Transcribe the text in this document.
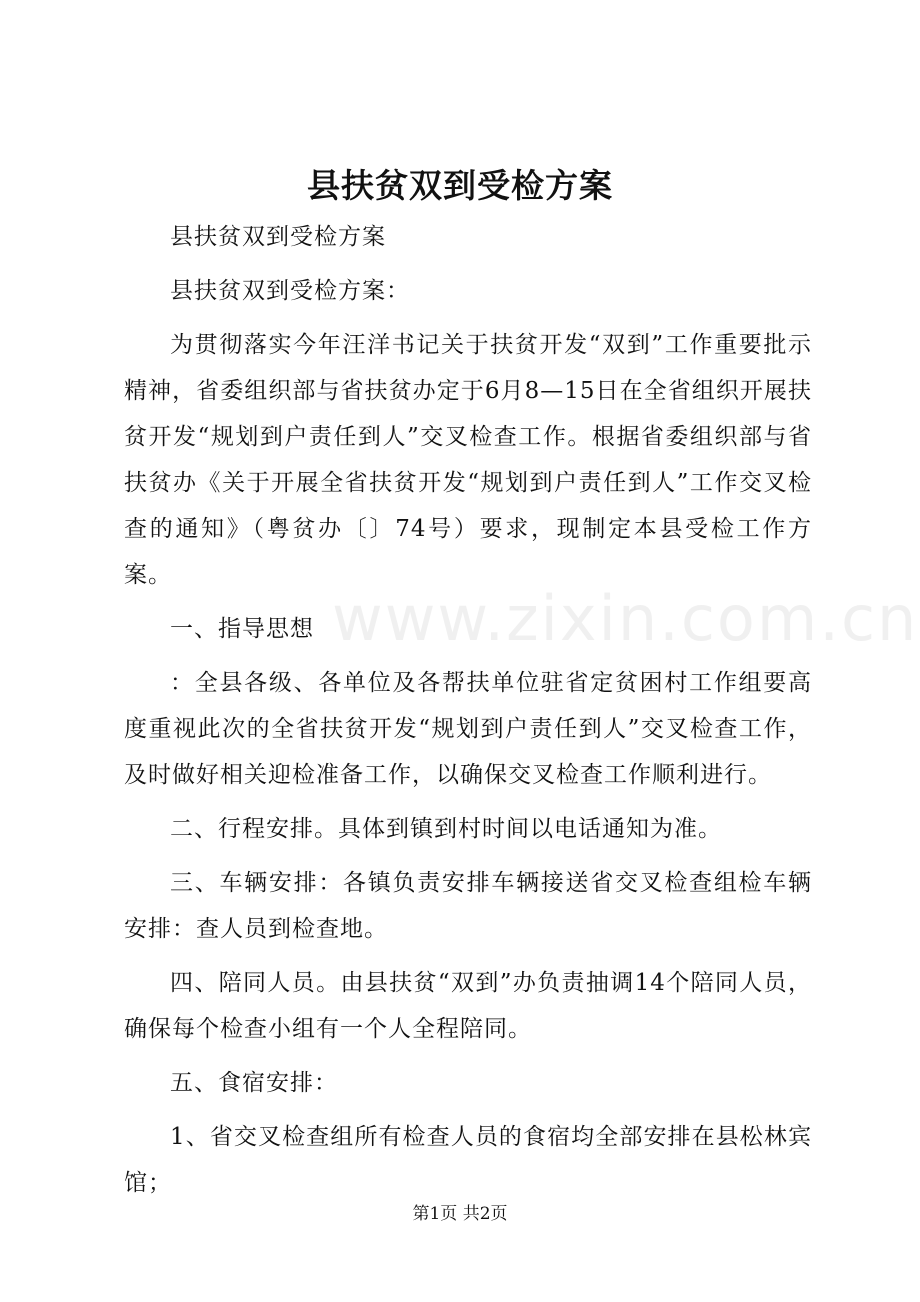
县扶贫双到受检方案

县扶贫双到受检方案

县扶贫双到受检方案：

为贯彻落实今年汪洋书记关于扶贫开发“双到”工作重要批示精神，省委组织部与省扶贫办定于6月8—15日在全省组织开展扶贫开发“规划到户责任到人”交叉检查工作。根据省委组织部与省扶贫办《关于开展全省扶贫开发“规划到户责任到人”工作交叉检查的通知》（粤贫办〔〕74号）要求，现制定本县受检工作方案。

一、指导思想

：全县各级、各单位及各帮扶单位驻省定贫困村工作组要高度重视此次的全省扶贫开发“规划到户责任到人”交叉检查工作，及时做好相关迎检准备工作，以确保交叉检查工作顺利进行。

二、行程安排。具体到镇到村时间以电话通知为准。

三、车辆安排：各镇负责安排车辆接送省交叉检查组检车辆安排：查人员到检查地。

四、陪同人员。由县扶贫“双到”办负责抽调14个陪同人员，确保每个检查小组有一个人全程陪同。

五、食宿安排：

1、省交叉检查组所有检查人员的食宿均全部安排在县松林宾馆；

www.zixin.com.cn
第1页 共2页
